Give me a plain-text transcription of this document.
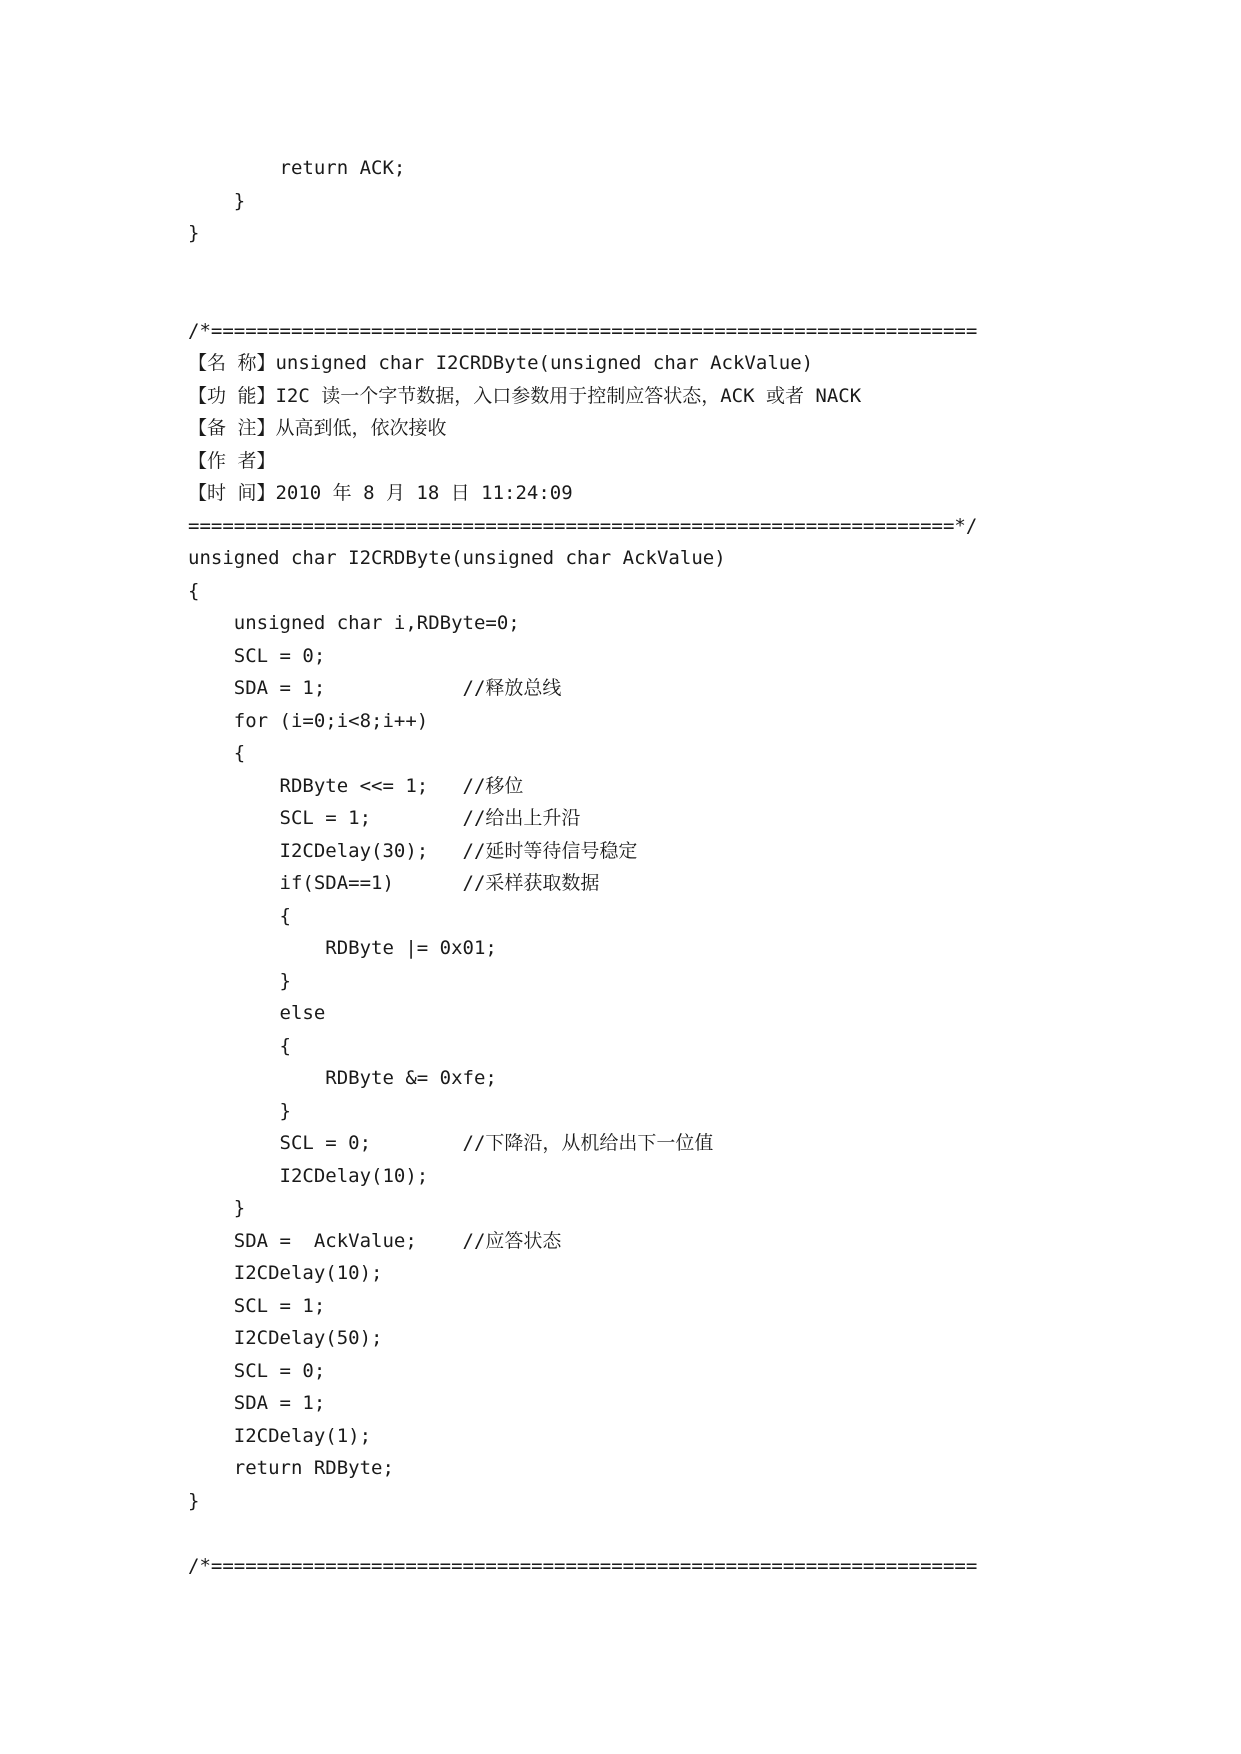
return ACK;
}
}
/*===================================================================
【名 称】unsigned char I2CRDByte(unsigned char AckValue)
【功 能】I2C 读一个字节数据，入口参数用于控制应答状态，ACK 或者 NACK
【备 注】从高到低，依次接收
【作 者】
【时 间】2010 年 8 月 18 日 11:24:09
===================================================================*/
unsigned char I2CRDByte(unsigned char AckValue)
{
unsigned char i,RDByte=0;
SCL = 0;
SDA = 1;            //释放总线
for (i=0;i<8;i++)
{
RDByte <<= 1;   //移位
SCL = 1;        //给出上升沿
I2CDelay(30);   //延时等待信号稳定
if(SDA==1)      //采样获取数据
{
RDByte |= 0x01;
}
else
{
RDByte &= 0xfe;
}
SCL = 0;        //下降沿，从机给出下一位值
I2CDelay(10);
}
SDA =  AckValue;    //应答状态
I2CDelay(10);
SCL = 1;
I2CDelay(50);
SCL = 0;
SDA = 1;
I2CDelay(1);
return RDByte;
}
/*===================================================================
